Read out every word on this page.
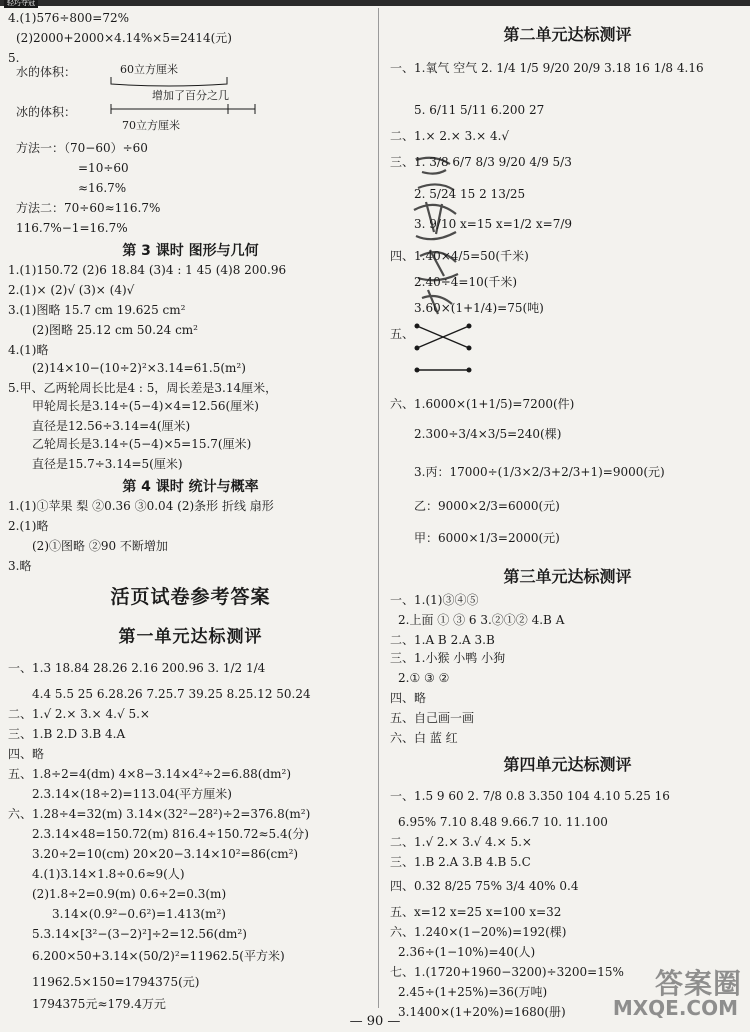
轻巧夺冠
4.(1)576÷800=72%
(2)2000+2000×4.14%×5=2414(元)
5.
水的体积：	60立方厘米
增加了百分之几
冰的体积：
70立方厘米
方法一：（70−60）÷60
=10÷60
≈16.7%
方法二：70÷60≈116.7%
116.7%−1=16.7%
第 3 课时 图形与几何
1.(1)150.72 (2)6 18.84 (3)4 : 1 45 (4)8 200.96
2.(1)× (2)√ (3)× (4)√
3.(1)图略 15.7 cm 19.625 cm²
(2)图略 25.12 cm 50.24 cm²
4.(1)略
(2)14×10−(10÷2)²×3.14=61.5(m²)
5.甲、乙两轮周长比是4 : 5，周长差是3.14厘米，
甲轮周长是3.14÷(5−4)×4=12.56(厘米)
直径是12.56÷3.14=4(厘米)
乙轮周长是3.14÷(5−4)×5=15.7(厘米)
直径是15.7÷3.14=5(厘米)
第 4 课时 统计与概率
1.(1)①苹果 梨 ②0.36 ③0.04 (2)条形 折线 扇形
2.(1)略
(2)①图略 ②90 不断增加
3.略
活页试卷参考答案
第一单元达标测评
一、1.3 18.84 28.26 2.16 200.96 3. 1/2 1/4
4.4 5.5 25 6.28.26 7.25.7 39.25 8.25.12 50.24
二、1.√ 2.× 3.× 4.√ 5.×
三、1.B 2.D 3.B 4.A
四、略
五、1.8÷2=4(dm) 4×8−3.14×4²÷2=6.88(dm²)
2.3.14×(18÷2)=113.04(平方厘米)
六、1.28÷4=32(m) 3.14×(32²−28²)÷2=376.8(m²)
2.3.14×48=150.72(m) 816.4÷150.72≈5.4(分)
3.20÷2=10(cm) 20×20−3.14×10²=86(cm²)
4.(1)3.14×1.8÷0.6≈9(人)
(2)1.8÷2=0.9(m) 0.6÷2=0.3(m)
3.14×(0.9²−0.6²)=1.413(m²)
5.3.14×[3²−(3−2)²]÷2=12.56(dm²)
6.200×50+3.14×(50/2)²=11962.5(平方米)
11962.5×150=1794375(元)
1794375元≈179.4万元
第二单元达标测评
一、1.氧气 空气 2. 1/4 1/5 9/20 20/9 3.18 16 1/8 4.16
5. 6/11 5/11 6.200 27
二、1.× 2.× 3.× 4.√
三、1. 3/8 6/7 8/3 9/20 4/9 5/3
2. 5/24 15 2 13/25
3. 9/10 x=15 x=1/2 x=7/9
四、1.40×4/5=50(千米)
2.40÷4=10(千米)
3.60×(1+1/4)=75(吨)
五、
六、1.6000×(1+1/5)=7200(件)
2.300÷3/4×3/5=240(棵)
3.丙：17000÷(1/3×2/3+2/3+1)=9000(元)
乙：9000×2/3=6000(元)
甲：6000×1/3=2000(元)
第三单元达标测评
一、1.(1)③④⑤
2.上面 ① ③ 6 3.②①② 4.B A
二、1.A B 2.A 3.B
三、1.小猴 小鸭 小狗
2.① ③ ②
四、略
五、自己画一画
六、白 蓝 红
第四单元达标测评
一、1.5 9 60 2. 7/8 0.8 3.350 104 4.10 5.25 16
6.95% 7.10 8.48 9.66.7 10. 11.100
二、1.√ 2.× 3.√ 4.× 5.×
三、1.B 2.A 3.B 4.B 5.C
四、0.32 8/25 75% 3/4 40% 0.4
五、x=12 x=25 x=100 x=32
六、1.240×(1−20%)=192(棵)
2.36÷(1−10%)=40(人)
七、1.(1720+1960−3200)÷3200=15%
2.45÷(1+25%)=36(万吨)
3.1400×(1+20%)=1680(册)
答案圈
MXQE.COM
— 90 —
